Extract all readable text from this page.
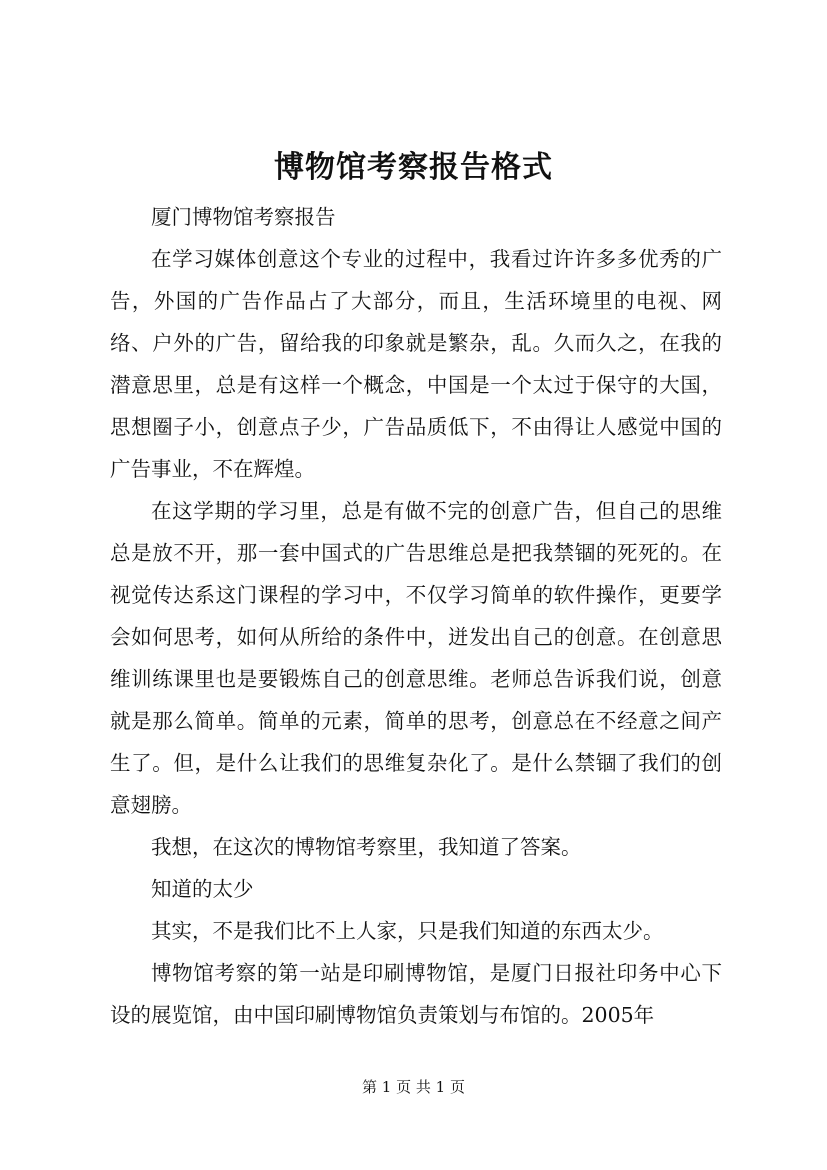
博物馆考察报告格式

厦门博物馆考察报告

在学习媒体创意这个专业的过程中，我看过许许多多优秀的广告，外国的广告作品占了大部分，而且，生活环境里的电视、网络、户外的广告，留给我的印象就是繁杂，乱。久而久之，在我的潜意思里，总是有这样一个概念，中国是一个太过于保守的大国，思想圈子小，创意点子少，广告品质低下，不由得让人感觉中国的广告事业，不在辉煌。

在这学期的学习里，总是有做不完的创意广告，但自己的思维总是放不开，那一套中国式的广告思维总是把我禁锢的死死的。在视觉传达系这门课程的学习中，不仅学习简单的软件操作，更要学会如何思考，如何从所给的条件中，迸发出自己的创意。在创意思维训练课里也是要锻炼自己的创意思维。老师总告诉我们说，创意就是那么简单。简单的元素，简单的思考，创意总在不经意之间产生了。但，是什么让我们的思维复杂化了。是什么禁锢了我们的创意翅膀。

我想，在这次的博物馆考察里，我知道了答案。

知道的太少

其实，不是我们比不上人家，只是我们知道的东西太少。

博物馆考察的第一站是印刷博物馆，是厦门日报社印务中心下设的展览馆，由中国印刷博物馆负责策划与布馆的。2005年

第 1 页 共 1 页
